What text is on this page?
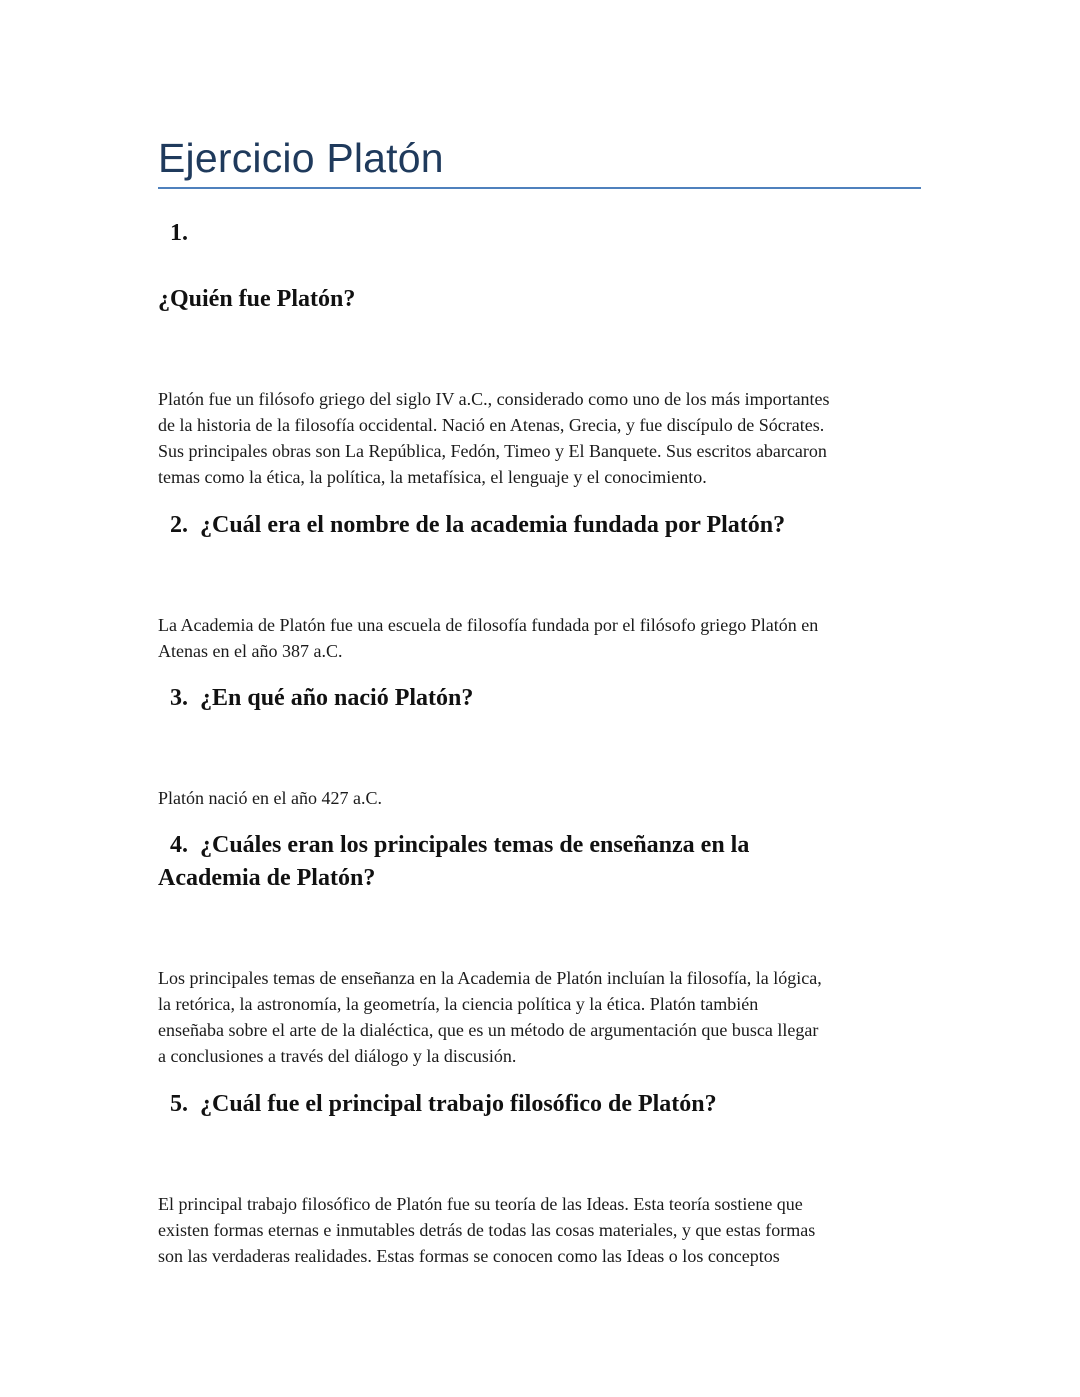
Ejercicio Platón
1.
¿Quién fue Platón?
Platón fue un filósofo griego del siglo IV a.C., considerado como uno de los más importantes
de la historia de la filosofía occidental. Nació en Atenas, Grecia, y fue discípulo de Sócrates.
Sus principales obras son La República, Fedón, Timeo y El Banquete. Sus escritos abarcaron
temas como la ética, la política, la metafísica, el lenguaje y el conocimiento.
2. ¿Cuál era el nombre de la academia fundada por Platón?
La Academia de Platón fue una escuela de filosofía fundada por el filósofo griego Platón en
Atenas en el año 387 a.C.
3. ¿En qué año nació Platón?
Platón nació en el año 427 a.C.
4. ¿Cuáles eran los principales temas de enseñanza en la
Academia de Platón?
Los principales temas de enseñanza en la Academia de Platón incluían la filosofía, la lógica,
la retórica, la astronomía, la geometría, la ciencia política y la ética. Platón también
enseñaba sobre el arte de la dialéctica, que es un método de argumentación que busca llegar
a conclusiones a través del diálogo y la discusión.
5. ¿Cuál fue el principal trabajo filosófico de Platón?
El principal trabajo filosófico de Platón fue su teoría de las Ideas. Esta teoría sostiene que
existen formas eternas e inmutables detrás de todas las cosas materiales, y que estas formas
son las verdaderas realidades. Estas formas se conocen como las Ideas o los conceptos
